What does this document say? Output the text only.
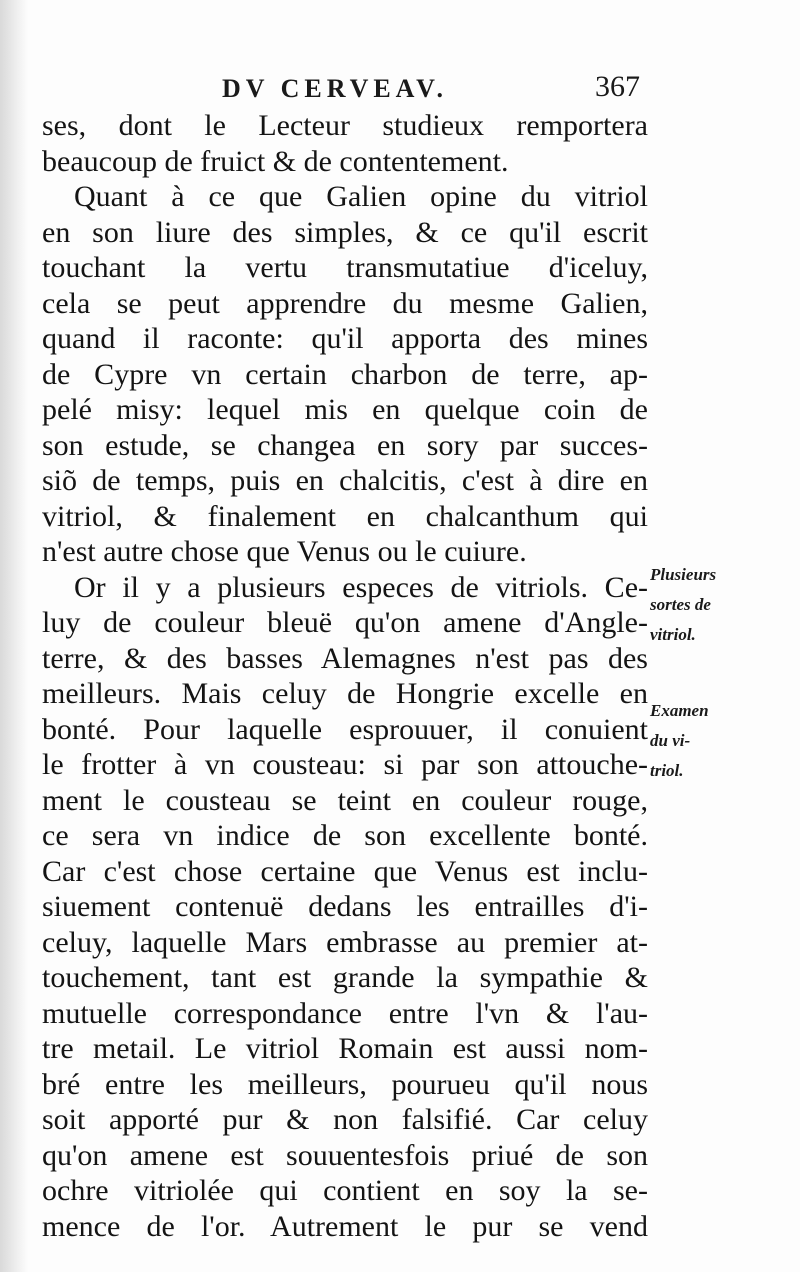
DV CERVEAV.	367
ses, dont le Lecteur studieux remportera
beaucoup de fruict & de contentement.
Quant à ce que Galien opine du vitriol
en son liure des simples, & ce qu'il escrit
touchant la vertu transmutatiue d'iceluy,
cela se peut apprendre du mesme Galien,
quand il raconte: qu'il apporta des mines
de Cypre vn certain charbon de terre, ap-
pelé misy: lequel mis en quelque coin de
son estude, se changea en sory par succes-
siõ de temps, puis en chalcitis, c'est à dire en
vitriol, & finalement en chalcanthum qui
n'est autre chose que Venus ou le cuiure.
Or il y a plusieurs especes de vitriols. Ce-
luy de couleur bleuë qu'on amene d'Angle-
terre, & des basses Alemagnes n'est pas des
meilleurs. Mais celuy de Hongrie excelle en
bonté. Pour laquelle esprouuer, il conuient
le frotter à vn cousteau: si par son attouche-
ment le cousteau se teint en couleur rouge,
ce sera vn indice de son excellente bonté.
Car c'est chose certaine que Venus est inclu-
siuement contenuë dedans les entrailles d'i-
celuy, laquelle Mars embrasse au premier at-
touchement, tant est grande la sympathie &
mutuelle correspondance entre l'vn & l'au-
tre metail. Le vitriol Romain est aussi nom-
bré entre les meilleurs, pourueu qu'il nous
soit apporté pur & non falsifié. Car celuy
qu'on amene est souuentesfois priué de son
ochre vitriolée qui contient en soy la se-
mence de l'or. Autrement le pur se vend
Plusieurs
sortes de
vitriol.
Examen
du vi-
triol.
